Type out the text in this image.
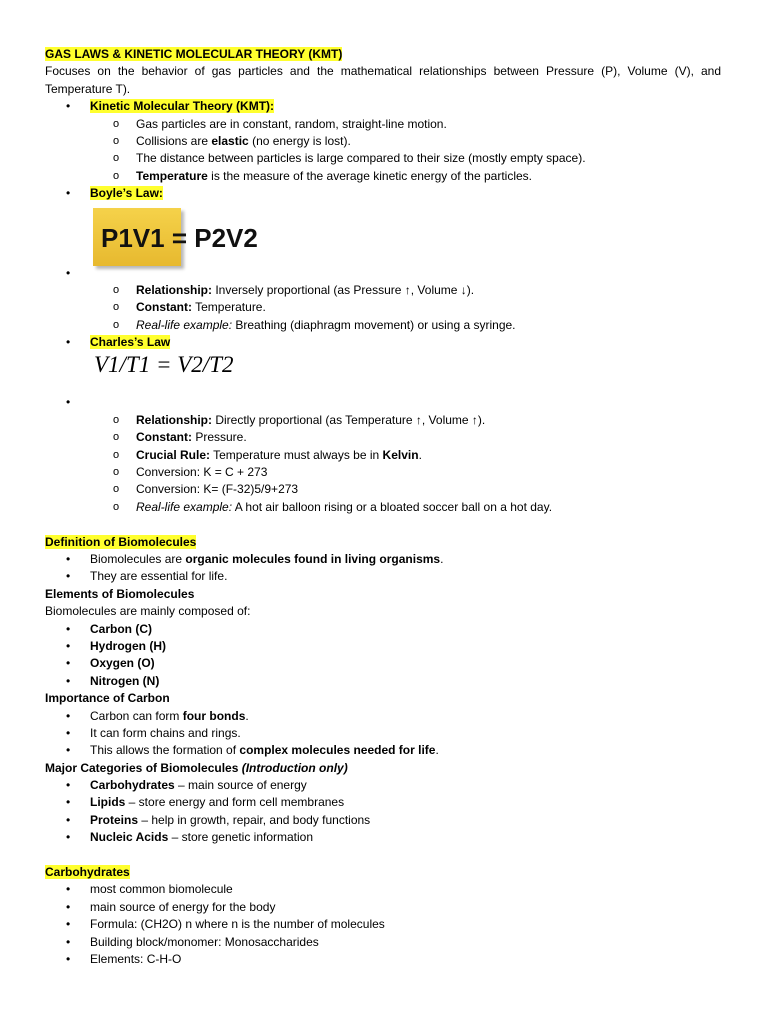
GAS LAWS & KINETIC MOLECULAR THEORY (KMT)
Focuses on the behavior of gas particles and the mathematical relationships between Pressure (P), Volume (V), and
Temperature T).
• Kinetic Molecular Theory (KMT):
o Gas particles are in constant, random, straight-line motion.
o Collisions are elastic (no energy is lost).
o The distance between particles is large compared to their size (mostly empty space).
o Temperature is the measure of the average kinetic energy of the particles.
• Boyle’s Law:
•
o Relationship: Inversely proportional (as Pressure ↑, Volume ↓).
o Constant: Temperature.
o Real-life example: Breathing (diaphragm movement) or using a syringe.
• Charles’s Law
•
o Relationship: Directly proportional (as Temperature ↑, Volume ↑).
o Constant: Pressure.
o Crucial Rule: Temperature must always be in Kelvin.
o Conversion: K = C + 273
o Conversion: K= (F-32)5/9+273
o Real-life example: A hot air balloon rising or a bloated soccer ball on a hot day.
Definition of Biomolecules
• Biomolecules are organic molecules found in living organisms.
• They are essential for life.
Elements of Biomolecules
Biomolecules are mainly composed of:
• Carbon (C)
• Hydrogen (H)
• Oxygen (O)
• Nitrogen (N)
Importance of Carbon
• Carbon can form four bonds.
• It can form chains and rings.
• This allows the formation of complex molecules needed for life.
Major Categories of Biomolecules (Introduction only)
• Carbohydrates – main source of energy
• Lipids – store energy and form cell membranes
• Proteins – help in growth, repair, and body functions
• Nucleic Acids – store genetic information
Carbohydrates
• most common biomolecule
• main source of energy for the body
• Formula: (CH2O) n where n is the number of molecules
• Building block/monomer: Monosaccharides
• Elements: C-H-O
P1V1 = P2V2
V1/T1 = V2/T2
